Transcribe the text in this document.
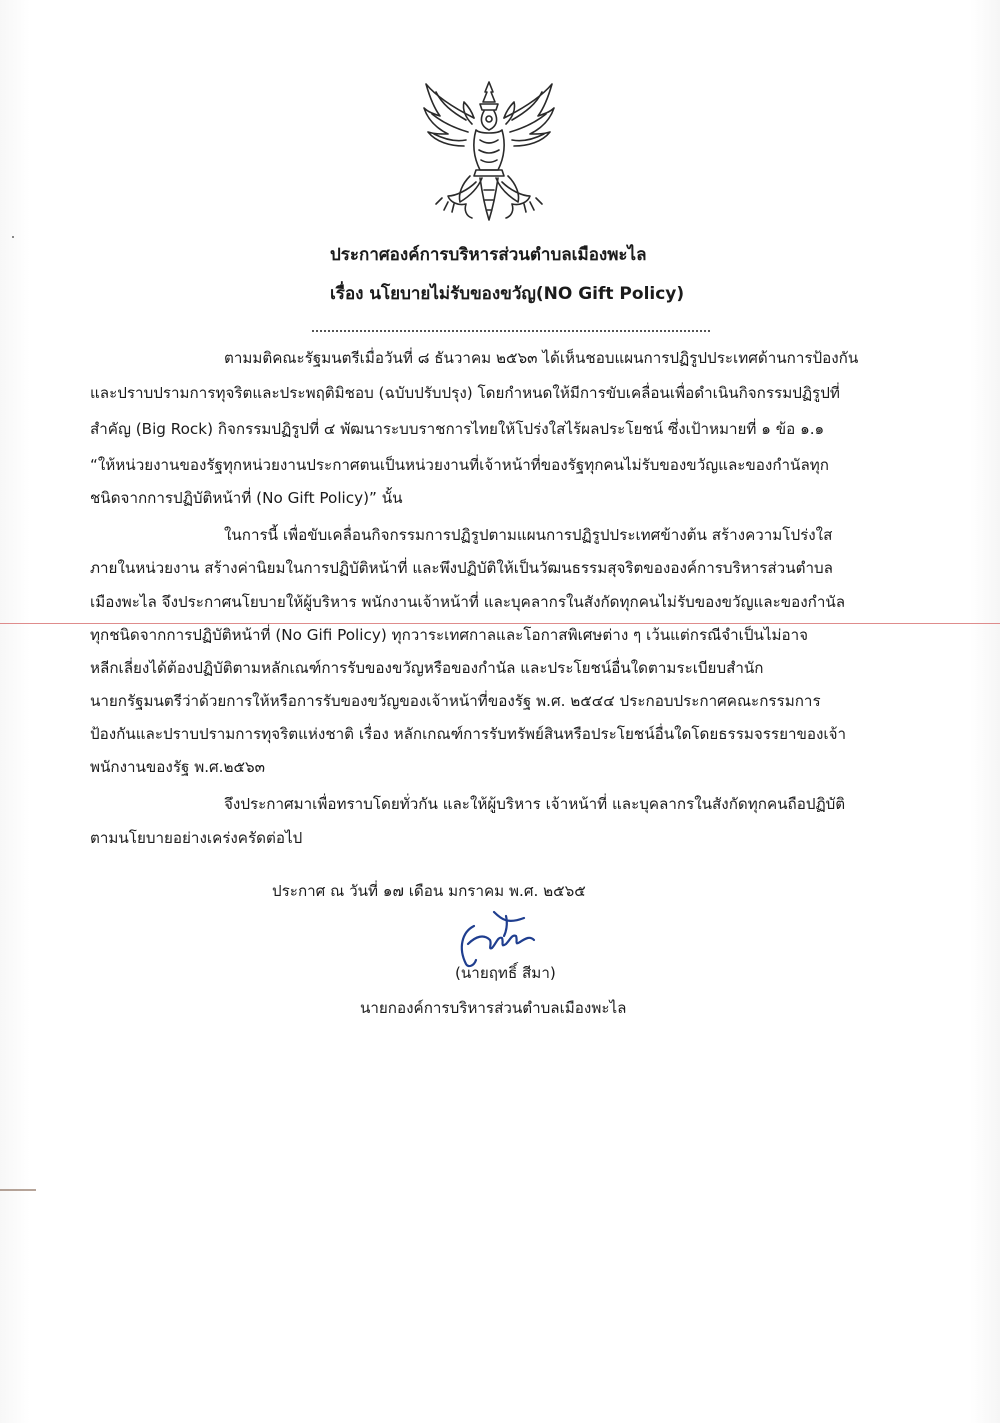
ประกาศองค์การบริหารส่วนตำบลเมืองพะไล
เรื่อง นโยบายไม่รับของขวัญ(NO Gift Policy)
ตามมติคณะรัฐมนตรีเมื่อวันที่ ๘ ธันวาคม ๒๕๖๓ ได้เห็นชอบแผนการปฏิรูปประเทศด้านการป้องกัน
และปราบปรามการทุจริตและประพฤติมิชอบ (ฉบับปรับปรุง) โดยกำหนดให้มีการขับเคลื่อนเพื่อดำเนินกิจกรรมปฏิรูปที่
สำคัญ (Big Rock) กิจกรรมปฏิรูปที่ ๔ พัฒนาระบบราชการไทยให้โปร่งใสไร้ผลประโยชน์ ซึ่งเป้าหมายที่ ๑ ข้อ ๑.๑
“ให้หน่วยงานของรัฐทุกหน่วยงานประกาศตนเป็นหน่วยงานที่เจ้าหน้าที่ของรัฐทุกคนไม่รับของขวัญและของกำนัลทุก
ชนิดจากการปฏิบัติหน้าที่ (No Gift Policy)” นั้น
ในการนี้ เพื่อขับเคลื่อนกิจกรรมการปฏิรูปตามแผนการปฏิรูปประเทศข้างต้น สร้างความโปร่งใส
ภายในหน่วยงาน สร้างค่านิยมในการปฏิบัติหน้าที่ และพึงปฏิบัติให้เป็นวัฒนธรรมสุจริตขององค์การบริหารส่วนตำบล
เมืองพะไล จึงประกาศนโยบายให้ผู้บริหาร พนักงานเจ้าหน้าที่ และบุคลากรในสังกัดทุกคนไม่รับของขวัญและของกำนัล
ทุกชนิดจากการปฏิบัติหน้าที่ (No Gifi Policy) ทุกวาระเทศกาลและโอกาสพิเศษต่าง ๆ เว้นแต่กรณีจำเป็นไม่อาจ
หลีกเลี่ยงได้ต้องปฏิบัติตามหลักเณฑ์การรับของขวัญหรือของกำนัล และประโยชน์อื่นใดตามระเบียบสำนัก
นายกรัฐมนตรีว่าด้วยการให้หรือการรับของขวัญของเจ้าหน้าที่ของรัฐ พ.ศ. ๒๕๔๔ ประกอบประกาศคณะกรรมการ
ป้องกันและปราบปรามการทุจริตแห่งชาติ เรื่อง หลักเกณฑ์การรับทรัพย์สินหรือประโยชน์อื่นใดโดยธรรมจรรยาของเจ้า
พนักงานของรัฐ พ.ศ.๒๕๖๓
จึงประกาศมาเพื่อทราบโดยทั่วกัน และให้ผู้บริหาร เจ้าหน้าที่ และบุคลากรในสังกัดทุกคนถือปฏิบัติ
ตามนโยบายอย่างเคร่งครัดต่อไป
ประกาศ ณ วันที่ ๑๗ เดือน มกราคม พ.ศ. ๒๕๖๕
(นายฤทธิ์ สีมา)
นายกองค์การบริหารส่วนตำบลเมืองพะไล
